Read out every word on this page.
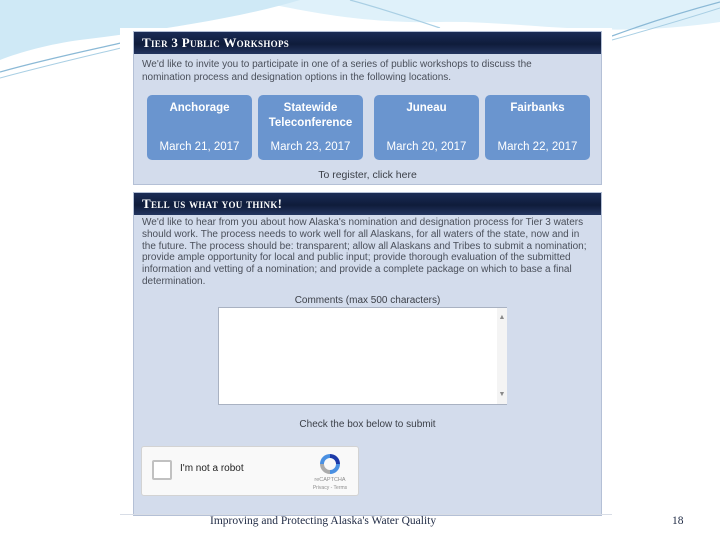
Tier 3 Public Workshops
We'd like to invite you to participate in one of a series of public workshops to discuss the nomination process and designation options in the following locations.
Anchorage
March 21, 2017
Statewide Teleconference
March 23, 2017
Juneau
March 20, 2017
Fairbanks
March 22, 2017
To register, click here
Tell us what you think!
We'd like to hear from you about how Alaska's nomination and designation process for Tier 3 waters should work. The process needs to work well for all Alaskans, for all waters of the state, now and in the future. The process should be: transparent; allow all Alaskans and Tribes to submit a nomination; provide ample opportunity for local and public input; provide thorough evaluation of the submitted information and vetting of a nomination; and provide a complete package on which to base a final determination.
Comments (max 500 characters)
▲
▼
Check the box below to submit
I'm not a robot
reCAPTCHA
Privacy - Terms
Improving and Protecting Alaska's Water Quality	18
